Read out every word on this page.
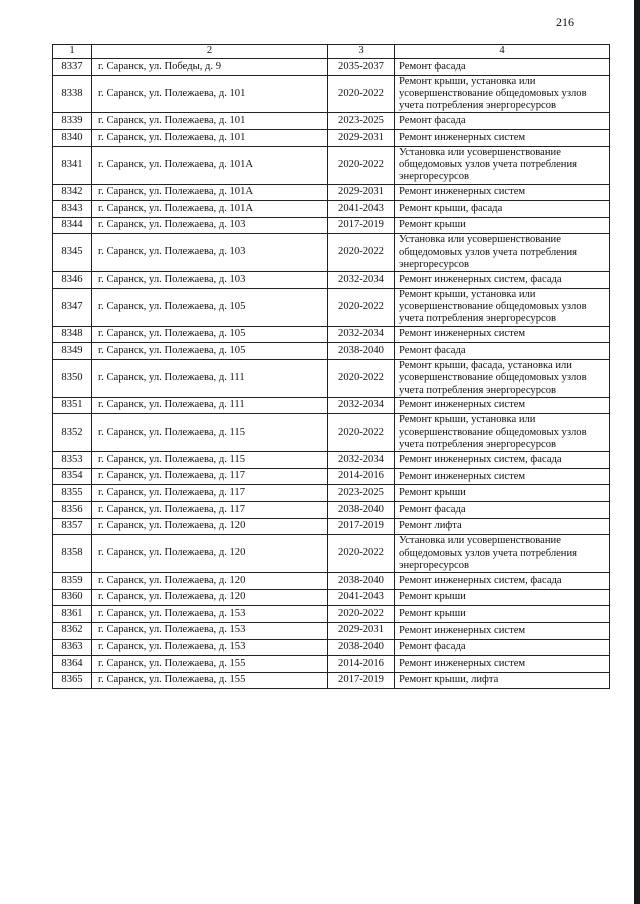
216
1	2	3	4
8337	г. Саранск, ул. Победы, д. 9	2035-2037	Ремонт фасада
8338	г. Саранск, ул. Полежаева, д. 101	2020-2022	Ремонт крыши, установка или усовершенствование общедомовых узлов учета потребления энергоресурсов
8339	г. Саранск, ул. Полежаева, д. 101	2023-2025	Ремонт фасада
8340	г. Саранск, ул. Полежаева, д. 101	2029-2031	Ремонт инженерных систем
8341	г. Саранск, ул. Полежаева, д. 101А	2020-2022	Установка или усовершенствование общедомовых узлов учета потребления энергоресурсов
8342	г. Саранск, ул. Полежаева, д. 101А	2029-2031	Ремонт инженерных систем
8343	г. Саранск, ул. Полежаева, д. 101А	2041-2043	Ремонт крыши, фасада
8344	г. Саранск, ул. Полежаева, д. 103	2017-2019	Ремонт крыши
8345	г. Саранск, ул. Полежаева, д. 103	2020-2022	Установка или усовершенствование общедомовых узлов учета потребления энергоресурсов
8346	г. Саранск, ул. Полежаева, д. 103	2032-2034	Ремонт инженерных систем, фасада
8347	г. Саранск, ул. Полежаева, д. 105	2020-2022	Ремонт крыши, установка или усовершенствование общедомовых узлов учета потребления энергоресурсов
8348	г. Саранск, ул. Полежаева, д. 105	2032-2034	Ремонт инженерных систем
8349	г. Саранск, ул. Полежаева, д. 105	2038-2040	Ремонт фасада
8350	г. Саранск, ул. Полежаева, д. 111	2020-2022	Ремонт крыши, фасада, установка или усовершенствование общедомовых узлов учета потребления энергоресурсов
8351	г. Саранск, ул. Полежаева, д. 111	2032-2034	Ремонт инженерных систем
8352	г. Саранск, ул. Полежаева, д. 115	2020-2022	Ремонт крыши, установка или усовершенствование общедомовых узлов учета потребления энергоресурсов
8353	г. Саранск, ул. Полежаева, д. 115	2032-2034	Ремонт инженерных систем, фасада
8354	г. Саранск, ул. Полежаева, д. 117	2014-2016	Ремонт инженерных систем
8355	г. Саранск, ул. Полежаева, д. 117	2023-2025	Ремонт крыши
8356	г. Саранск, ул. Полежаева, д. 117	2038-2040	Ремонт фасада
8357	г. Саранск, ул. Полежаева, д. 120	2017-2019	Ремонт лифта
8358	г. Саранск, ул. Полежаева, д. 120	2020-2022	Установка или усовершенствование общедомовых узлов учета потребления энергоресурсов
8359	г. Саранск, ул. Полежаева, д. 120	2038-2040	Ремонт инженерных систем, фасада
8360	г. Саранск, ул. Полежаева, д. 120	2041-2043	Ремонт крыши
8361	г. Саранск, ул. Полежаева, д. 153	2020-2022	Ремонт крыши
8362	г. Саранск, ул. Полежаева, д. 153	2029-2031	Ремонт инженерных систем
8363	г. Саранск, ул. Полежаева, д. 153	2038-2040	Ремонт фасада
8364	г. Саранск, ул. Полежаева, д. 155	2014-2016	Ремонт инженерных систем
8365	г. Саранск, ул. Полежаева, д. 155	2017-2019	Ремонт крыши, лифта
